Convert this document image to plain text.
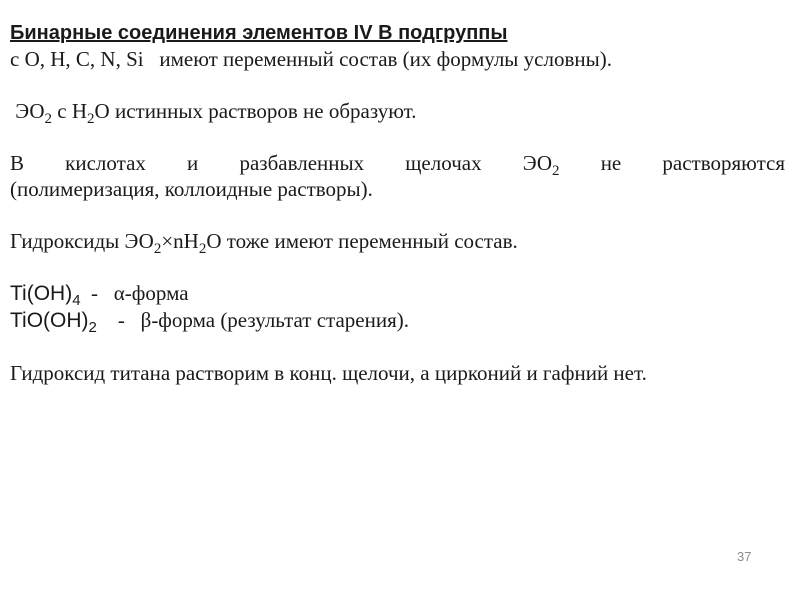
Бинарные соединения элементов IV В подгруппы

с O, H, C, N, Si имеют переменный состав (их формулы условны).

$ЭО_2$ с $H_2O$ истинных растворов не образуют.

В кислотах и разбавленных щелочах $ЭО_2$ не растворяются

(полимеризация, коллоидные растворы).

Гидроксиды $ЭО_2\times nH_2O$ тоже имеют переменный состав.

$Ti(OH)_4$  -   α-форма

$TiO(OH)_2$    -   β-форма (результат старения).

Гидроксид титана растворим в конц. щелочи, а цирконий и гафний нет.

37
